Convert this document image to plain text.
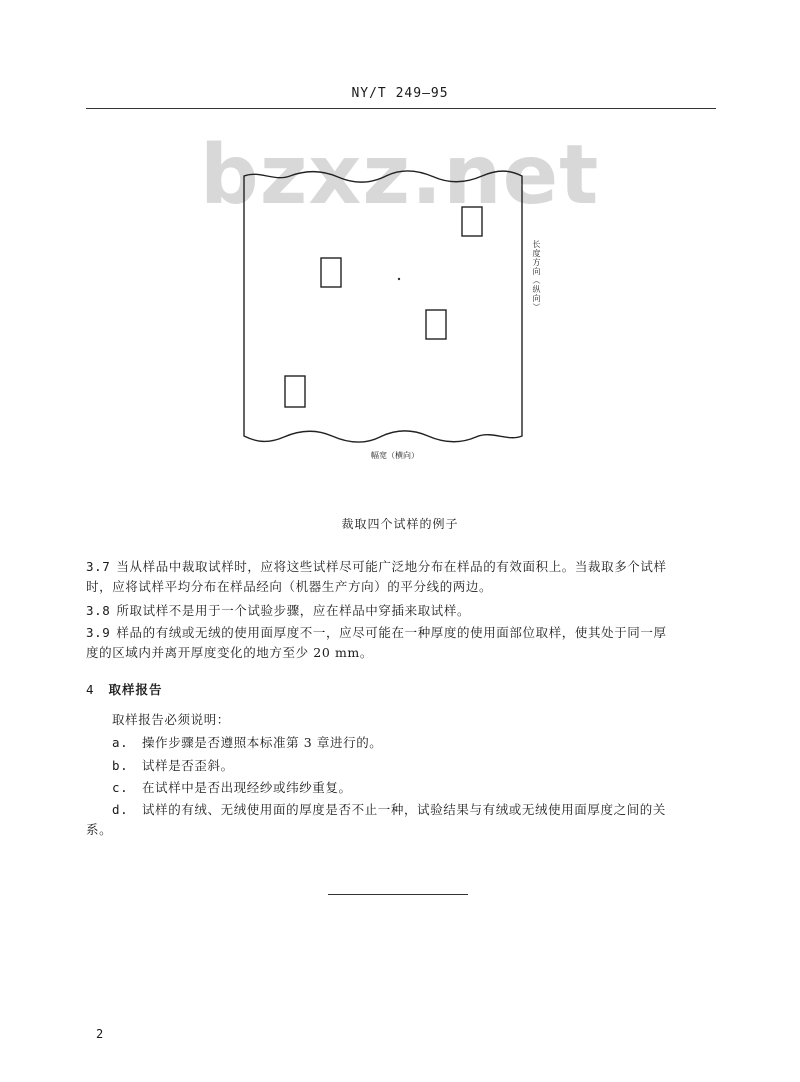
NY/T 249—95
bzxz.net
长度方向（纵向）
幅宽（横向）
裁取四个试样的例子
3.7 当从样品中裁取试样时，应将这些试样尽可能广泛地分布在样品的有效面积上。当裁取多个试样
时，应将试样平均分布在样品经向（机器生产方向）的平分线的两边。
3.8 所取试样不是用于一个试验步骤，应在样品中穿插来取试样。
3.9 样品的有绒或无绒的使用面厚度不一，应尽可能在一种厚度的使用面部位取样，使其处于同一厚
度的区域内并离开厚度变化的地方至少 20 mm。
4 取样报告
取样报告必须说明：
a. 操作步骤是否遵照本标准第 3 章进行的。
b. 试样是否歪斜。
c. 在试样中是否出现经纱或纬纱重复。
d. 试样的有绒、无绒使用面的厚度是否不止一种，试验结果与有绒或无绒使用面厚度之间的关
系。
2
